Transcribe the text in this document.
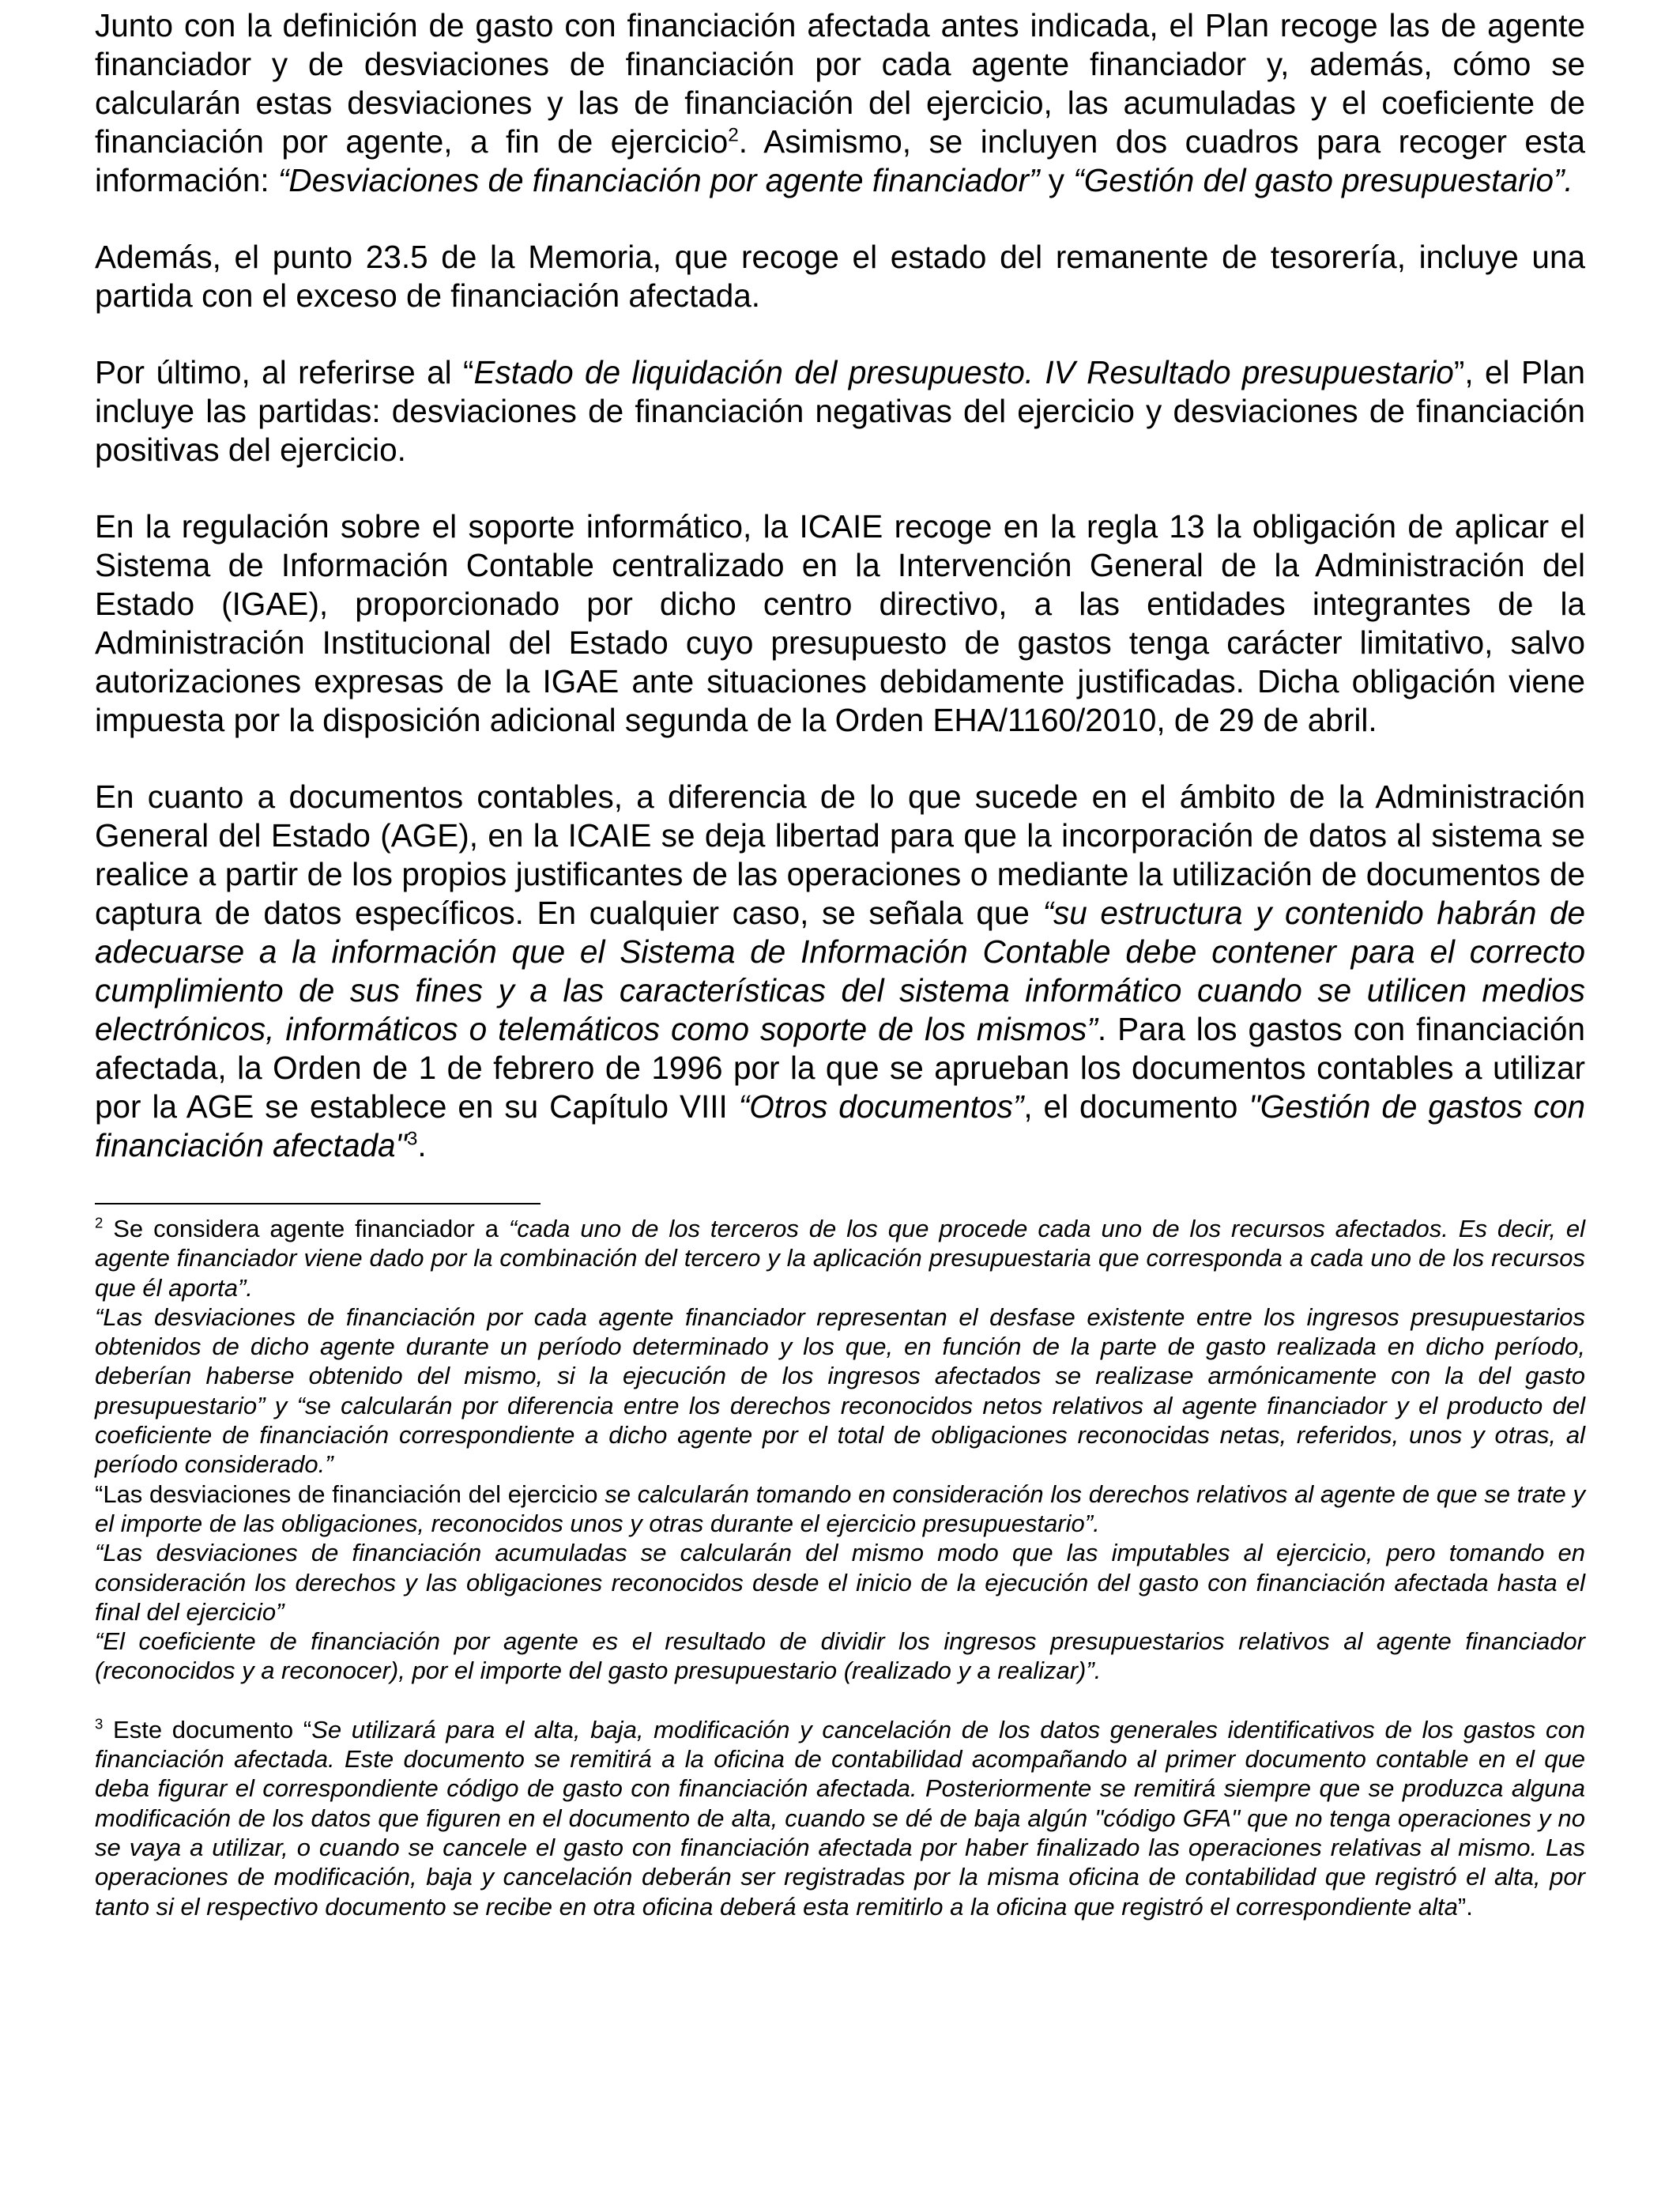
Junto con la definición de gasto con financiación afectada antes indicada, el Plan recoge las de agente financiador y de desviaciones de financiación por cada agente financiador y, además, cómo se calcularán estas desviaciones y las de financiación del ejercicio, las acumuladas y el coeficiente de financiación por agente, a fin de ejercicio$^2$. Asimismo, se incluyen dos cuadros para recoger esta información: “Desviaciones de financiación por agente financiador” y “Gestión del gasto presupuestario”.

Además, el punto 23.5 de la Memoria, que recoge el estado del remanente de tesorería, incluye una partida con el exceso de financiación afectada.

Por último, al referirse al “Estado de liquidación del presupuesto. IV Resultado presupuestario”, el Plan incluye las partidas: desviaciones de financiación negativas del ejercicio y desviaciones de financiación positivas del ejercicio.

En la regulación sobre el soporte informático, la ICAIE recoge en la regla 13 la obligación de aplicar el Sistema de Información Contable centralizado en la Intervención General de la Administración del Estado (IGAE), proporcionado por dicho centro directivo, a las entidades integrantes de la Administración Institucional del Estado cuyo presupuesto de gastos tenga carácter limitativo, salvo autorizaciones expresas de la IGAE ante situaciones debidamente justificadas. Dicha obligación viene impuesta por la disposición adicional segunda de la Orden EHA/1160/2010, de 29 de abril.

En cuanto a documentos contables, a diferencia de lo que sucede en el ámbito de la Administración General del Estado (AGE), en la ICAIE se deja libertad para que la incorporación de datos al sistema se realice a partir de los propios justificantes de las operaciones o mediante la utilización de documentos de captura de datos específicos. En cualquier caso, se señala que “su estructura y contenido habrán de adecuarse a la información que el Sistema de Información Contable debe contener para el correcto cumplimiento de sus fines y a las características del sistema informático cuando se utilicen medios electrónicos, informáticos o telemáticos como soporte de los mismos”. Para los gastos con financiación afectada, la Orden de 1 de febrero de 1996 por la que se aprueban los documentos contables a utilizar por la AGE se establece en su Capítulo VIII “Otros documentos”, el documento "Gestión de gastos con financiación afectada"$^3$.

$^2$ Se considera agente financiador a “cada uno de los terceros de los que procede cada uno de los recursos afectados. Es decir, el agente financiador viene dado por la combinación del tercero y la aplicación presupuestaria que corresponda a cada uno de los recursos que él aporta”.

“Las desviaciones de financiación por cada agente financiador representan el desfase existente entre los ingresos presupuestarios obtenidos de dicho agente durante un período determinado y los que, en función de la parte de gasto realizada en dicho período, deberían haberse obtenido del mismo, si la ejecución de los ingresos afectados se realizase armónicamente con la del gasto presupuestario” y “se calcularán por diferencia entre los derechos reconocidos netos relativos al agente financiador y el producto del coeficiente de financiación correspondiente a dicho agente por el total de obligaciones reconocidas netas, referidos, unos y otras, al período considerado.”

“Las desviaciones de financiación del ejercicio se calcularán tomando en consideración los derechos relativos al agente de que se trate y el importe de las obligaciones, reconocidos unos y otras durante el ejercicio presupuestario”.

“Las desviaciones de financiación acumuladas se calcularán del mismo modo que las imputables al ejercicio, pero tomando en consideración los derechos y las obligaciones reconocidos desde el inicio de la ejecución del gasto con financiación afectada hasta el final del ejercicio”

“El coeficiente de financiación por agente es el resultado de dividir los ingresos presupuestarios relativos al agente financiador (reconocidos y a reconocer), por el importe del gasto presupuestario (realizado y a realizar)”.

$^3$ Este documento “Se utilizará para el alta, baja, modificación y cancelación de los datos generales identificativos de los gastos con financiación afectada. Este documento se remitirá a la oficina de contabilidad acompañando al primer documento contable en el que deba figurar el correspondiente código de gasto con financiación afectada. Posteriormente se remitirá siempre que se produzca alguna modificación de los datos que figuren en el documento de alta, cuando se dé de baja algún "código GFA" que no tenga operaciones y no se vaya a utilizar, o cuando se cancele el gasto con financiación afectada por haber finalizado las operaciones relativas al mismo. Las operaciones de modificación, baja y cancelación deberán ser registradas por la misma oficina de contabilidad que registró el alta, por tanto si el respectivo documento se recibe en otra oficina deberá esta remitirlo a la oficina que registró el correspondiente alta”.
